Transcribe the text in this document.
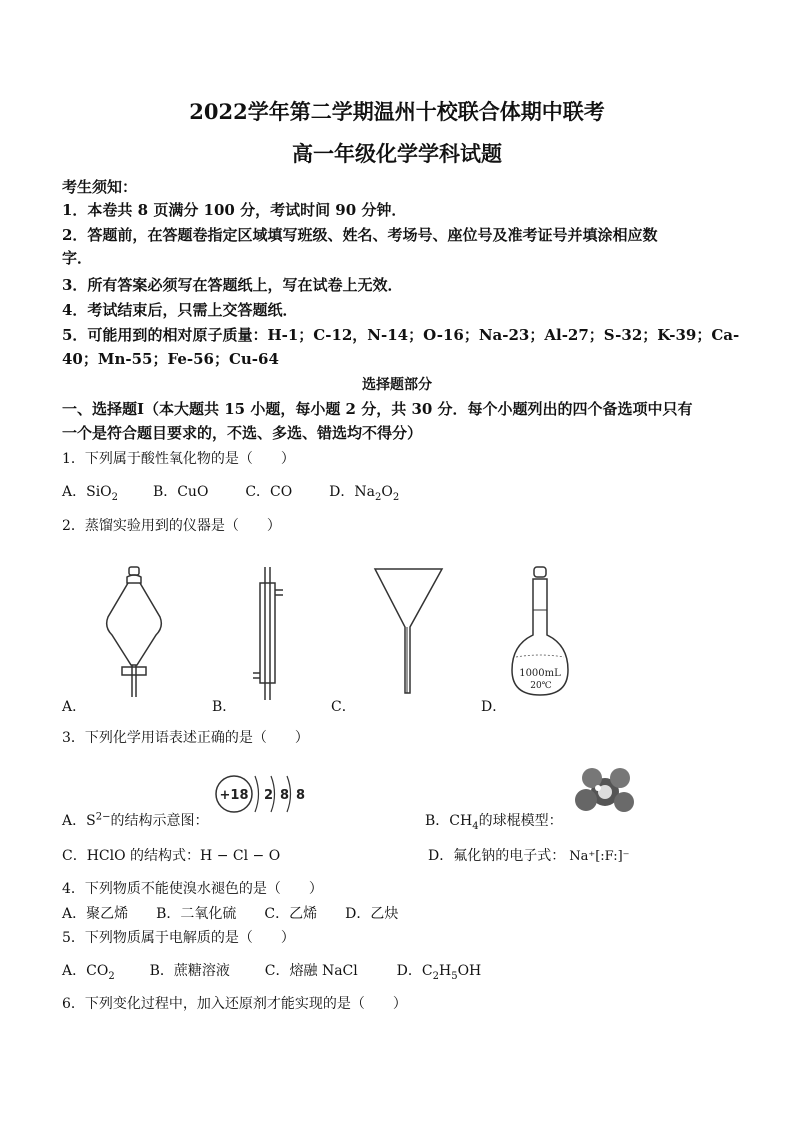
2022学年第二学期温州十校联合体期中联考
高一年级化学学科试题
考生须知：
1．本卷共 8 页满分 100 分，考试时间 90 分钟．
2．答题前，在答题卷指定区域填写班级、姓名、考场号、座位号及准考证号并填涂相应数
字．
3．所有答案必须写在答题纸上，写在试卷上无效．
4．考试结束后，只需上交答题纸．
5．可能用到的相对原子质量：H-1；C-12，N-14；O-16；Na-23；Al-27；S-32；K-39；Ca-
40；Mn-55；Fe-56；Cu-64
选择题部分
一、选择题Ⅰ（本大题共 15 小题，每小题 2 分，共 30 分．每个小题列出的四个备选项中只有
一个是符合题目要求的，不选、多选、错选均不得分）
1．下列属于酸性氧化物的是（　　）
A．SiO$_2$ B．CuO	C．CO	D．$Na_2O_2$
2．蒸馏实验用到的仪器是（　　）
A．	B．	C．
1000mL
20℃
D．
3．下列化学用语表述正确的是（　　）
A．$S^{2-}$的结构示意图：
+18 2 8 8
B．$CH_4$的球棍模型：
C．HClO 的结构式：H − Cl − O	D．氟化钠的电子式： Na⁺[:F:]⁻
4．下列物质不能使溴水褪色的是（　　）
A．聚乙烯　　B．二氧化硫　　C．乙烯　　D．乙炔
5．下列物质属于电解质的是（　　）
A．$CO_2$ B．蔗糖溶液 C．熔融 NaCl	D．$C_2H_5OH$
6．下列变化过程中，加入还原剂才能实现的是（　　）
